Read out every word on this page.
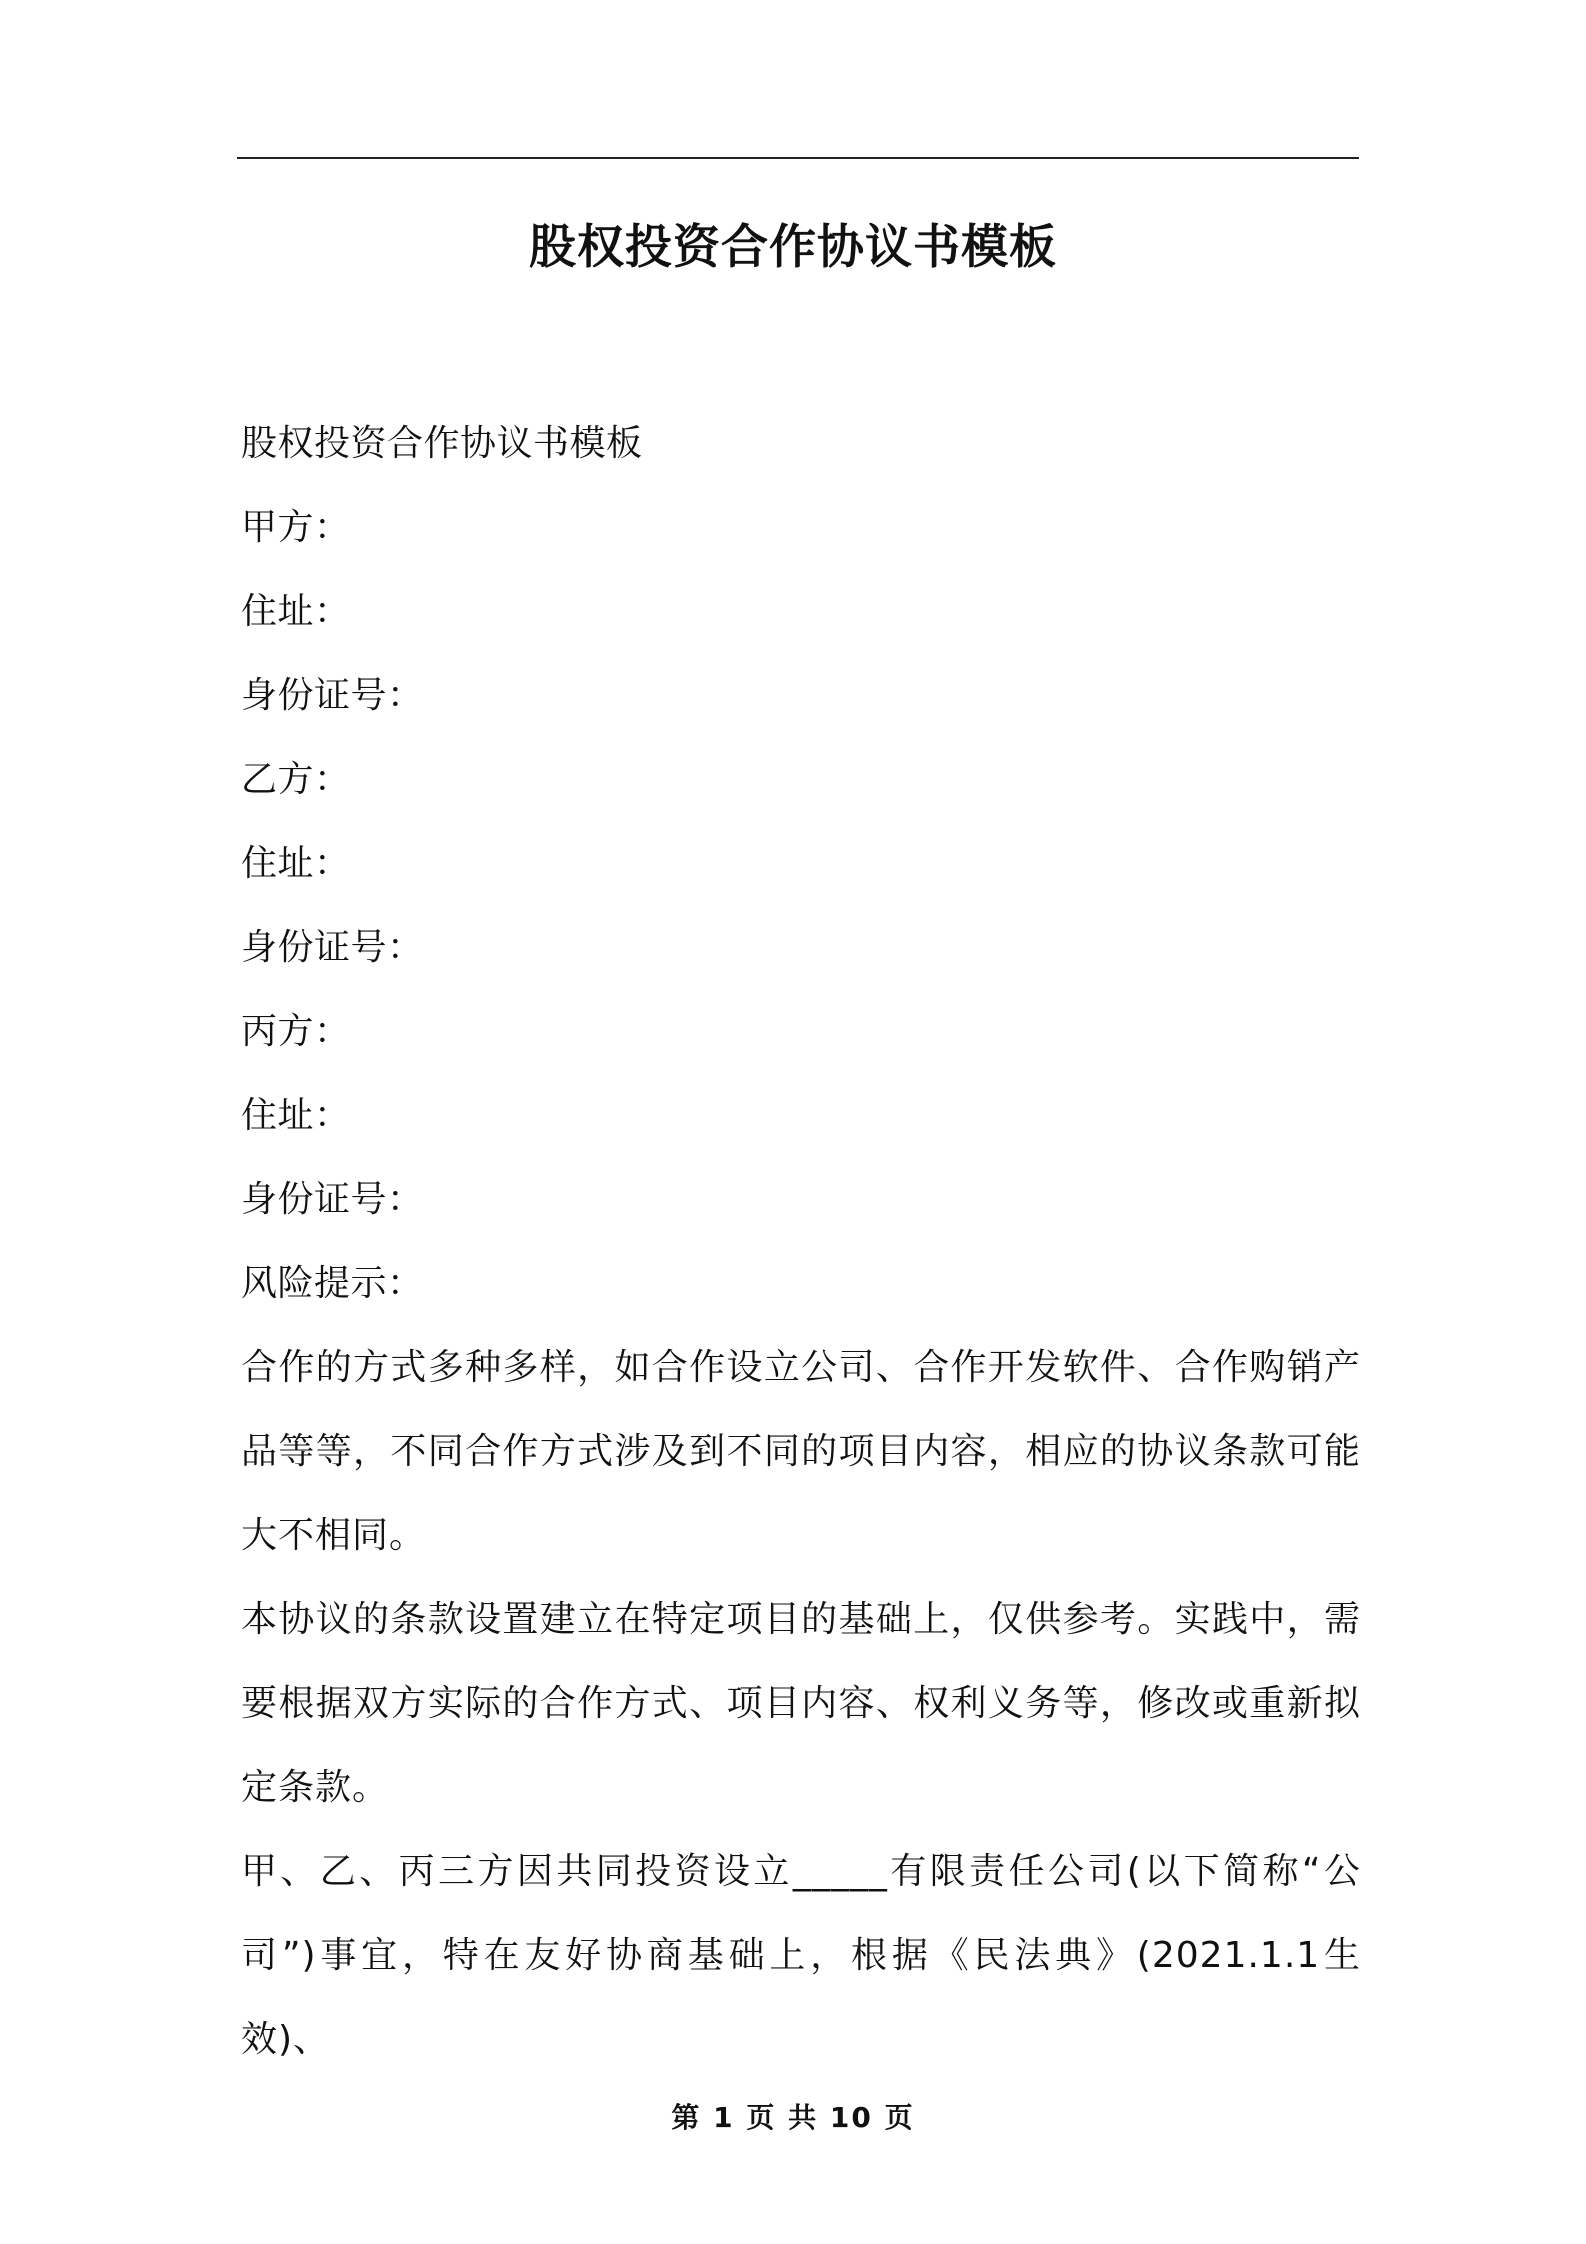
股权投资合作协议书模板
股权投资合作协议书模板
甲方：
住址：
身份证号：
乙方：
住址：
身份证号：
丙方：
住址：
身份证号：
风险提示：
合作的方式多种多样，如合作设立公司、合作开发软件、合作购销产品等等，不同合作方式涉及到不同的项目内容，相应的协议条款可能大不相同。
本协议的条款设置建立在特定项目的基础上，仅供参考。实践中，需要根据双方实际的合作方式、项目内容、权利义务等，修改或重新拟定条款。
甲、乙、丙三方因共同投资设立_____有限责任公司(以下简称“公司”)事宜，特在友好协商基础上，根据《民法典》(2021.1.1生效)、
第 1 页 共 10 页
